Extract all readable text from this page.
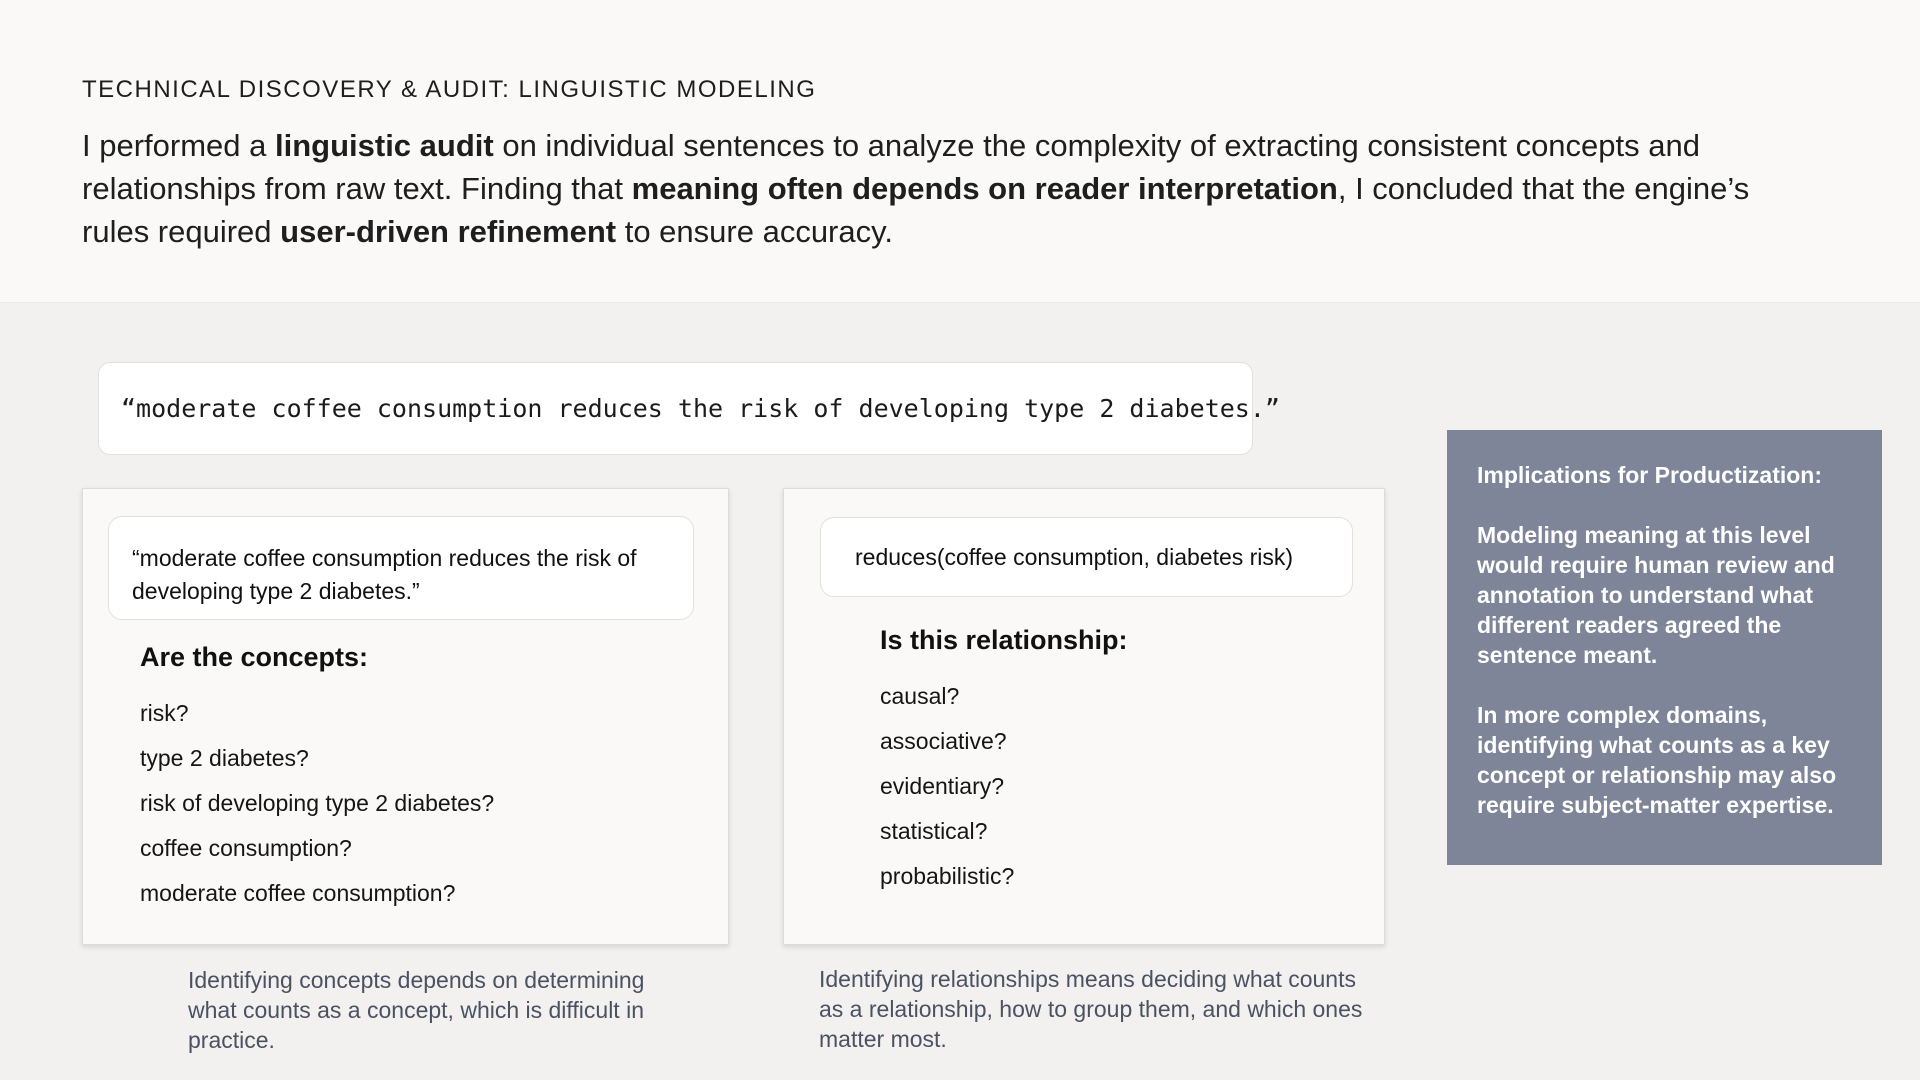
TECHNICAL DISCOVERY & AUDIT: LINGUISTIC MODELING

I performed a linguistic audit on individual sentences to analyze the complexity of extracting consistent concepts and relationships from raw text. Finding that meaning often depends on reader interpretation, I concluded that the engine’s rules required user-driven refinement to ensure accuracy.

“moderate coffee consumption reduces the risk of developing type 2 diabetes.”
“moderate coffee consumption reduces the risk of developing type 2 diabetes.”
Are the concepts:
risk?
type 2 diabetes?
risk of developing type 2 diabetes?
coffee consumption?
moderate coffee consumption?
reduces(coffee consumption, diabetes risk)
Is this relationship:
causal?
associative?
evidentiary?
statistical?
probabilistic?

Identifying concepts depends on determining what counts as a concept, which is difficult in practice.

Identifying relationships means deciding what counts as a relationship, how to group them, and which ones matter most.

Implications for Productization:

Modeling meaning at this level would require human review and annotation to understand what different readers agreed the sentence meant.

In more complex domains, identifying what counts as a key concept or relationship may also require subject-matter expertise.
